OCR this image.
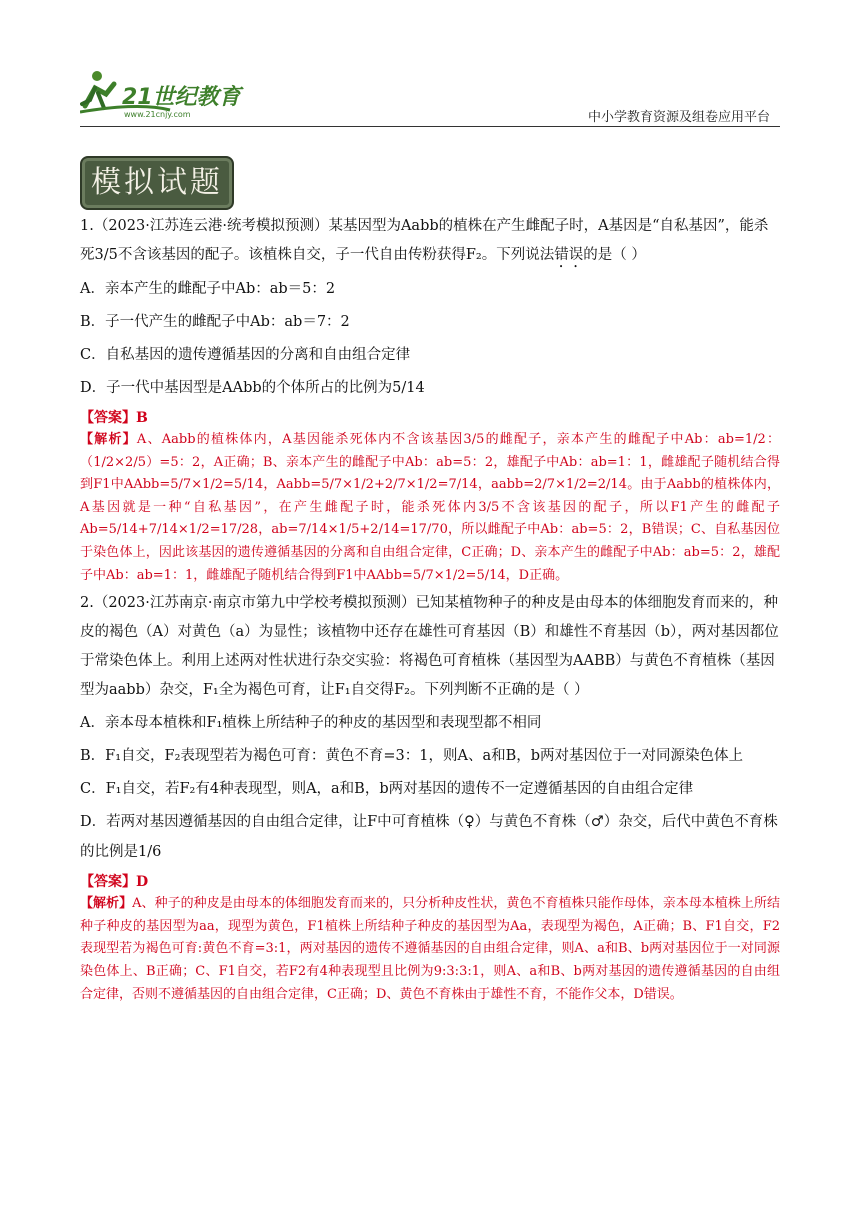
21世纪教育
www.21cnjy.com	中小学教育资源及组卷应用平台
模拟试题

1.（2023·江苏连云港·统考模拟预测）某基因型为Aabb的植株在产生雌配子时，A基因是“自私基因”，能杀死3/5不含该基因的配子。该植株自交，子一代自由传粉获得F₂。下列说法错误的是（ ）

A．亲本产生的雌配子中Ab：ab＝5：2

B．子一代产生的雌配子中Ab：ab＝7：2

C．自私基因的遗传遵循基因的分离和自由组合定律

D．子一代中基因型是AAbb的个体所占的比例为5/14

【答案】B

【解析】A、Aabb的植株体内，A基因能杀死体内不含该基因3/5的雌配子，亲本产生的雌配子中Ab：ab=1/2：（1/2×2/5）=5：2，A正确；B、亲本产生的雌配子中Ab：ab=5：2，雄配子中Ab：ab=1：1，雌雄配子随机结合得到F1中AAbb=5/7×1/2=5/14，Aabb=5/7×1/2+2/7×1/2=7/14，aabb=2/7×1/2=2/14。由于Aabb的植株体内，A基因就是一种“自私基因”，在产生雌配子时，能杀死体内3/5不含该基因的配子，所以F1产生的雌配子Ab=5/14+7/14×1/2=17/28，ab=7/14×1/5+2/14=17/70，所以雌配子中Ab：ab=5：2，B错误；C、自私基因位于染色体上，因此该基因的遗传遵循基因的分离和自由组合定律，C正确；D、亲本产生的雌配子中Ab：ab=5：2，雄配子中Ab：ab=1：1，雌雄配子随机结合得到F1中AAbb=5/7×1/2=5/14，D正确。

2.（2023·江苏南京·南京市第九中学校考模拟预测）已知某植物种子的种皮是由母本的体细胞发育而来的，种皮的褐色（A）对黄色（a）为显性；该植物中还存在雄性可育基因（B）和雄性不育基因（b），两对基因都位于常染色体上。利用上述两对性状进行杂交实验：将褐色可育植株（基因型为AABB）与黄色不育植株（基因型为aabb）杂交，F₁全为褐色可育，让F₁自交得F₂。下列判断不正确的是（ ）

A．亲本母本植株和F₁植株上所结种子的种皮的基因型和表现型都不相同

B．F₁自交，F₂表现型若为褐色可育：黄色不育=3：1，则A、a和B，b两对基因位于一对同源染色体上

C．F₁自交，若F₂有4种表现型，则A，a和B，b两对基因的遗传不一定遵循基因的自由组合定律

D．若两对基因遵循基因的自由组合定律，让F中可育植株（♀）与黄色不育株（♂）杂交，后代中黄色不育株的比例是1/6

【答案】D

【解析】A、种子的种皮是由母本的体细胞发育而来的，只分析种皮性状，黄色不育植株只能作母体，亲本母本植株上所结种子种皮的基因型为aa，现型为黄色，F1植株上所结种子种皮的基因型为Aa，表现型为褐色，A正确；B、F1自交，F2表现型若为褐色可育:黄色不育=3:1，两对基因的遗传不遵循基因的自由组合定律，则A、a和B、b两对基因位于一对同源染色体上、B正确；C、F1自交，若F2有4种表现型且比例为9:3:3:1，则A、a和B、b两对基因的遗传遵循基因的自由组合定律，否则不遵循基因的自由组合定律，C正确；D、黄色不育株由于雄性不育，不能作父本，D错误。
